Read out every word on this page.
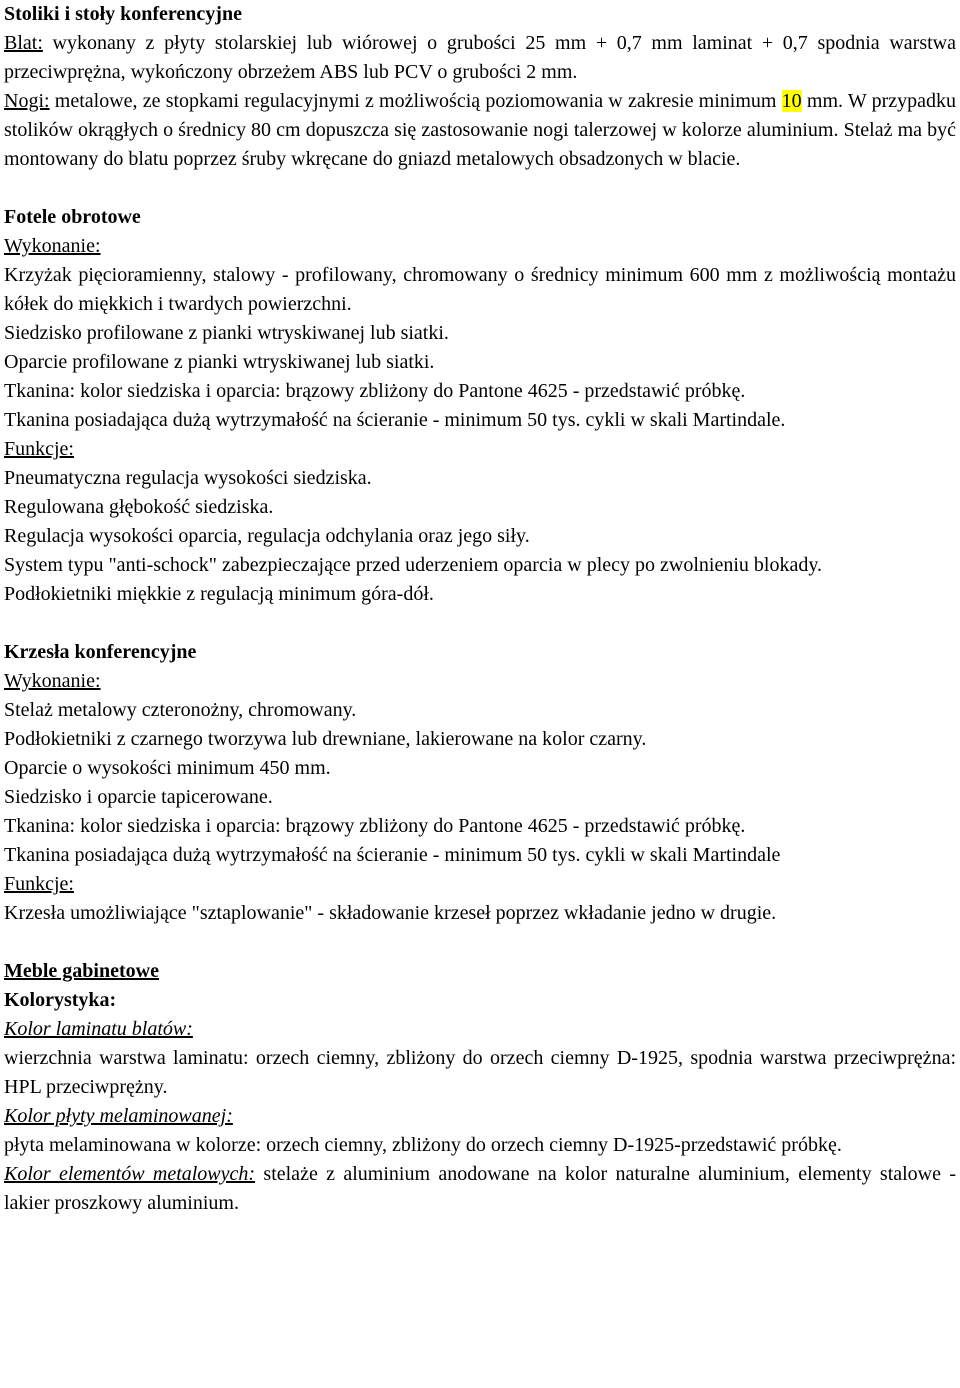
Stoliki i stoły konferencyjne

Blat: wykonany z płyty stolarskiej lub wiórowej o grubości 25 mm + 0,7 mm laminat + 0,7 spodnia warstwa przeciwprężna, wykończony obrzeżem ABS lub PCV o grubości 2 mm.

Nogi: metalowe, ze stopkami regulacyjnymi z możliwością poziomowania w zakresie minimum 10 mm. W przypadku stolików okrągłych o średnicy 80 cm dopuszcza się zastosowanie nogi talerzowej w kolorze aluminium. Stelaż ma być montowany do blatu poprzez śruby wkręcane do gniazd metalowych obsadzonych w blacie.

Fotele obrotowe

Wykonanie:

Krzyżak pięcioramienny, stalowy - profilowany, chromowany o średnicy minimum 600 mm z możliwością montażu kółek do miękkich i twardych powierzchni.

Siedzisko profilowane z pianki wtryskiwanej lub siatki.

Oparcie profilowane z pianki wtryskiwanej lub siatki.

Tkanina: kolor siedziska i oparcia: brązowy zbliżony do Pantone 4625 - przedstawić próbkę.

Tkanina posiadająca dużą wytrzymałość na ścieranie - minimum 50 tys. cykli w skali Martindale.

Funkcje:

Pneumatyczna regulacja wysokości siedziska.

Regulowana głębokość siedziska.

Regulacja wysokości oparcia, regulacja odchylania oraz jego siły.

System typu "anti-schock" zabezpieczające przed uderzeniem oparcia w plecy po zwolnieniu blokady.

Podłokietniki miękkie z regulacją minimum góra-dół.

Krzesła konferencyjne

Wykonanie:

Stelaż metalowy czteronożny, chromowany.

Podłokietniki z czarnego tworzywa lub drewniane, lakierowane na kolor czarny.

Oparcie o wysokości minimum 450 mm.

Siedzisko i oparcie tapicerowane.

Tkanina: kolor siedziska i oparcia: brązowy zbliżony do Pantone 4625 - przedstawić próbkę.

Tkanina posiadająca dużą wytrzymałość na ścieranie - minimum 50 tys. cykli w skali Martindale

Funkcje:

Krzesła umożliwiające "sztaplowanie" - składowanie krzeseł poprzez wkładanie jedno w drugie.

Meble gabinetowe

Kolorystyka:

Kolor laminatu blatów:

wierzchnia warstwa laminatu: orzech ciemny, zbliżony do orzech ciemny D-1925, spodnia warstwa przeciwprężna: HPL przeciwprężny.

Kolor płyty melaminowanej:

płyta melaminowana w kolorze: orzech ciemny, zbliżony do orzech ciemny D-1925-przedstawić próbkę.

Kolor elementów metalowych: stelaże z aluminium anodowane na kolor naturalne aluminium, elementy stalowe - lakier proszkowy aluminium.
